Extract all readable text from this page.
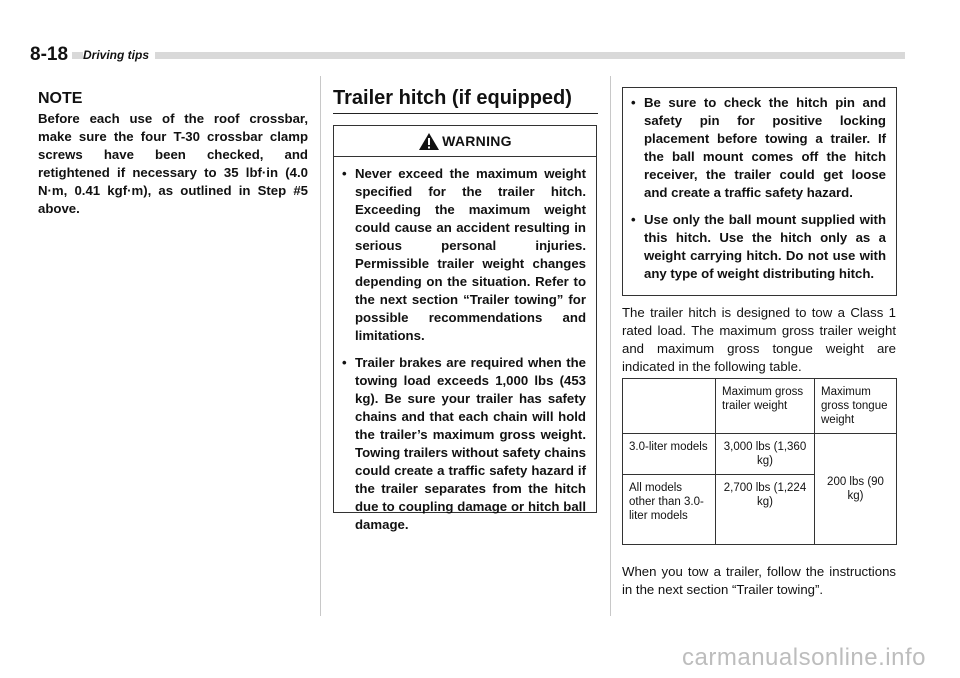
8-18	Driving tips
NOTE
Before each use of the roof crossbar, make sure the four T-30 crossbar clamp screws have been checked, and retightened if necessary to 35 lbf·in (4.0 N·m, 0.41 kgf·m), as outlined in Step #5 above.
Trailer hitch (if equipped)
WARNING
• Never exceed the maximum weight specified for the trailer hitch. Exceeding the maximum weight could cause an accident resulting in serious personal injuries. Permissible trailer weight changes depending on the situation. Refer to the next section “Trailer towing” for possible recommendations and limitations.
• Trailer brakes are required when the towing load exceeds 1,000 lbs (453 kg). Be sure your trailer has safety chains and that each chain will hold the trailer’s maximum gross weight. Towing trailers without safety chains could create a traffic safety hazard if the trailer separates from the hitch due to coupling damage or hitch ball damage.
• Be sure to check the hitch pin and safety pin for positive locking placement before towing a trailer. If the ball mount comes off the hitch receiver, the trailer could get loose and create a traffic safety hazard.
• Use only the ball mount supplied with this hitch. Use the hitch only as a weight carrying hitch. Do not use with any type of weight distributing hitch.
The trailer hitch is designed to tow a Class 1 rated load. The maximum gross trailer weight and maximum gross tongue weight are indicated in the following table.
	Maximum gross trailer weight	Maximum gross tongue weight
3.0-liter models	3,000 lbs (1,360 kg)	200 lbs (90 kg)
All models other than 3.0-liter models	2,700 lbs (1,224 kg)	
When you tow a trailer, follow the instructions in the next section “Trailer towing”.
carmanualsonline.info
